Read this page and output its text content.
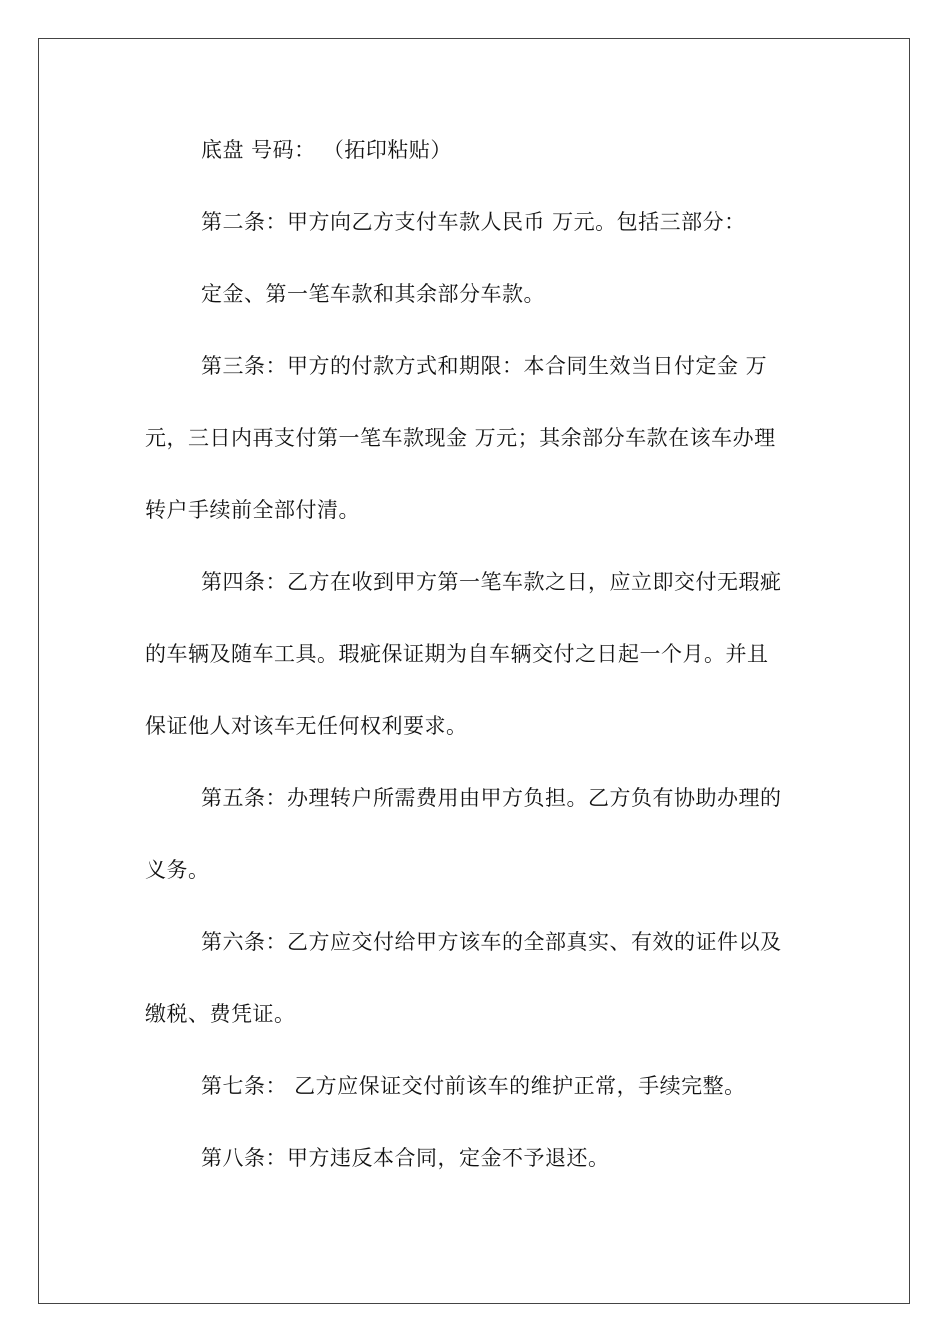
底盘 号码： （拓印粘贴）
第二条：甲方向乙方支付车款人民币 万元。包括三部分：
定金、第一笔车款和其余部分车款。
第三条：甲方的付款方式和期限：本合同生效当日付定金 万
元，三日内再支付第一笔车款现金 万元；其余部分车款在该车办理
转户手续前全部付清。
第四条：乙方在收到甲方第一笔车款之日，应立即交付无瑕疵
的车辆及随车工具。瑕疵保证期为自车辆交付之日起一个月。并且
保证他人对该车无任何权利要求。
第五条：办理转户所需费用由甲方负担。乙方负有协助办理的
义务。
第六条：乙方应交付给甲方该车的全部真实、有效的证件以及
缴税、费凭证。
第七条： 乙方应保证交付前该车的维护正常，手续完整。
第八条：甲方违反本合同，定金不予退还。
